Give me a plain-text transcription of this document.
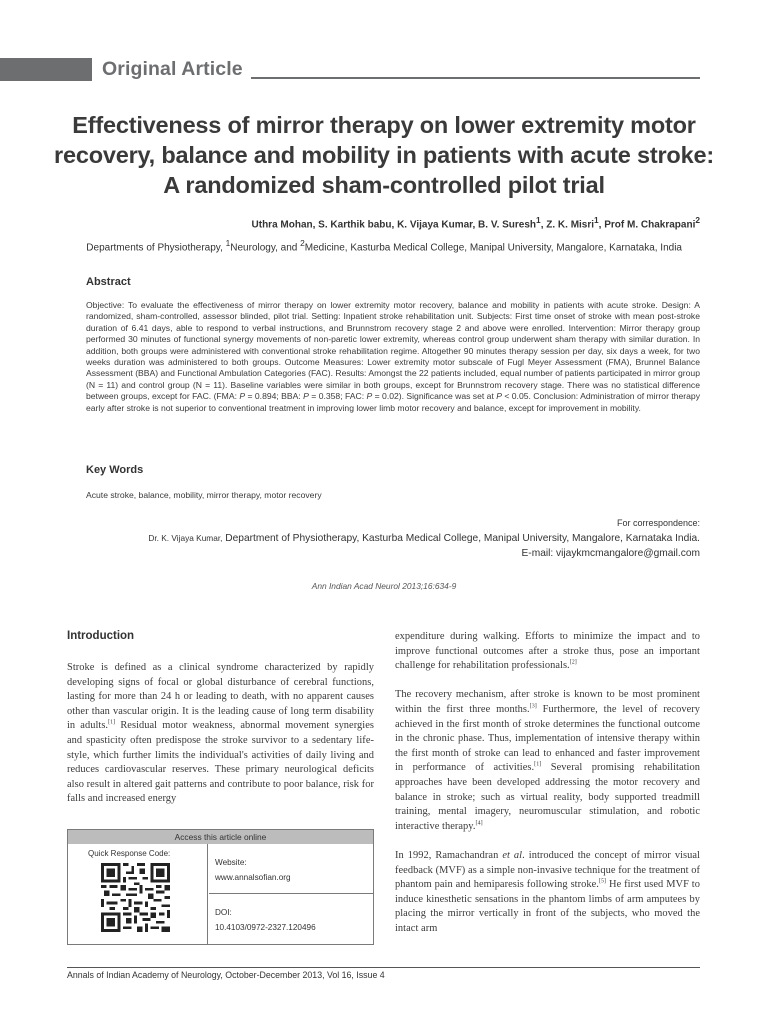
Original Article
Effectiveness of mirror therapy on lower extremity motor recovery, balance and mobility in patients with acute stroke: A randomized sham-controlled pilot trial
Uthra Mohan, S. Karthik babu, K. Vijaya Kumar, B. V. Suresh$^1$, Z. K. Misri$^1$, Prof M. Chakrapani$^2$
Departments of Physiotherapy, $^1$Neurology, and $^2$Medicine, Kasturba Medical College, Manipal University, Mangalore, Karnataka, India
Abstract
Objective: To evaluate the effectiveness of mirror therapy on lower extremity motor recovery, balance and mobility in patients with acute stroke. Design: A randomized, sham-controlled, assessor blinded, pilot trial. Setting: Inpatient stroke rehabilitation unit. Subjects: First time onset of stroke with mean post-stroke duration of 6.41 days, able to respond to verbal instructions, and Brunnstrom recovery stage 2 and above were enrolled. Intervention: Mirror therapy group performed 30 minutes of functional synergy movements of non-paretic lower extremity, whereas control group underwent sham therapy with similar duration. In addition, both groups were administered with conventional stroke rehabilitation regime. Altogether 90 minutes therapy session per day, six days a week, for two weeks duration was administered to both groups. Outcome Measures: Lower extremity motor subscale of Fugl Meyer Assessment (FMA), Brunnel Balance Assessment (BBA) and Functional Ambulation Categories (FAC). Results: Amongst the 22 patients included, equal number of patients participated in mirror group (N = 11) and control group (N = 11). Baseline variables were similar in both groups, except for Brunnstrom recovery stage. There was no statistical difference between groups, except for FAC. (FMA: P = 0.894; BBA: P = 0.358; FAC: P = 0.02). Significance was set at P < 0.05. Conclusion: Administration of mirror therapy early after stroke is not superior to conventional treatment in improving lower limb motor recovery and balance, except for improvement in mobility.
Key Words
Acute stroke, balance, mobility, mirror therapy, motor recovery
For correspondence:
Dr. K. Vijaya Kumar, Department of Physiotherapy, Kasturba Medical College, Manipal University, Mangalore, Karnataka India.
E-mail: vijaykmcmangalore@gmail.com
Ann Indian Acad Neurol 2013;16:634-9
Introduction

Stroke is defined as a clinical syndrome characterized by rapidly developing signs of focal or global disturbance of cerebral functions, lasting for more than 24 h or leading to death, with no apparent causes other than vascular origin. It is the leading cause of long term disability in adults.[1] Residual motor weakness, abnormal movement synergies and spasticity often predispose the stroke survivor to a sedentary life-style, which further limits the individual's activities of daily living and reduces cardiovascular reserves. These primary neurological deficits also result in altered gait patterns and contribute to poor balance, risk for falls and increased energy

expenditure during walking. Efforts to minimize the impact and to improve functional outcomes after a stroke thus, pose an important challenge for rehabilitation professionals.[2]

The recovery mechanism, after stroke is known to be most prominent within the first three months.[3] Furthermore, the level of recovery achieved in the first month of stroke determines the functional outcome in the chronic phase. Thus, implementation of intensive therapy within the first month of stroke can lead to enhanced and faster improvement in performance of activities.[1] Several promising rehabilitation approaches have been developed addressing the motor recovery and balance in stroke; such as virtual reality, body supported treadmill training, mental imagery, neuromuscular stimulation, and robotic interactive therapy.[4]

In 1992, Ramachandran et al. introduced the concept of mirror visual feedback (MVF) as a simple non-invasive technique for the treatment of phantom pain and hemiparesis following stroke.[5] He first used MVF to induce kinesthetic sensations in the phantom limbs of arm amputees by placing the mirror vertically in front of the subjects, who moved the intact arm

Access this article online
Quick Response Code:
Website:
www.annalsofian.org
DOI:
10.4103/0972-2327.120496
Annals of Indian Academy of Neurology, October-December 2013, Vol 16, Issue 4
